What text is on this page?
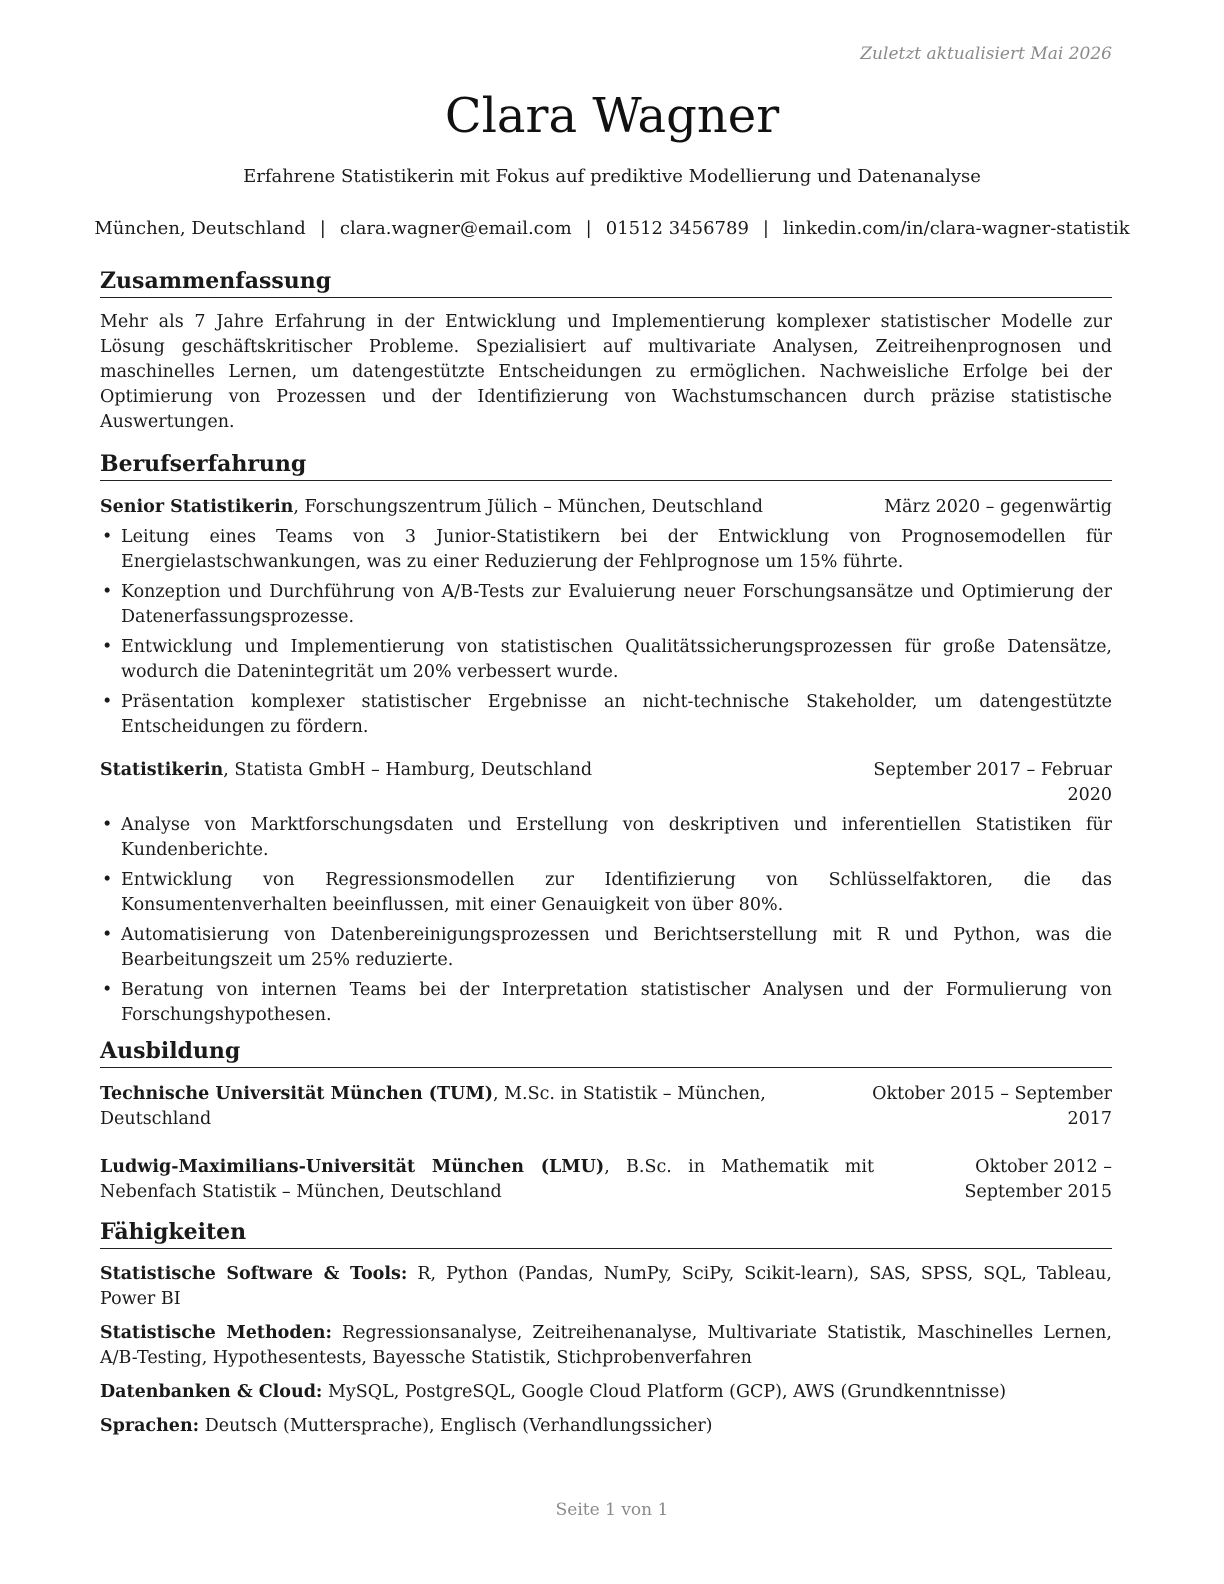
Zuletzt aktualisiert Mai 2026
Clara Wagner
Erfahrene Statistikerin mit Fokus auf prediktive Modellierung und Datenanalyse
München, Deutschland | clara.wagner@email.com | 01512 3456789 | linkedin.com/in/clara-wagner-statistik
Zusammenfassung

Mehr als 7 Jahre Erfahrung in der Entwicklung und Implementierung komplexer statistischer Modelle zur Lösung geschäftskritischer Probleme. Spezialisiert auf multivariate Analysen, Zeitreihenprognosen und maschinelles Lernen, um datengestützte Entscheidungen zu ermöglichen. Nachweisliche Erfolge bei der Optimierung von Prozessen und der Identifizierung von Wachstumschancen durch präzise statistische Auswertungen.

Berufserfahrung
Senior Statistikerin, Forschungszentrum Jülich – München, Deutschland	März 2020 – gegenwärtig
• Leitung eines Teams von 3 Junior-Statistikern bei der Entwicklung von Prognosemodellen für Energielastschwankungen, was zu einer Reduzierung der Fehlprognose um 15% führte.
• Konzeption und Durchführung von A/B-Tests zur Evaluierung neuer Forschungsansätze und Optimierung der Datenerfassungsprozesse.
• Entwicklung und Implementierung von statistischen Qualitätssicherungsprozessen für große Datensätze, wodurch die Datenintegrität um 20% verbessert wurde.
• Präsentation komplexer statistischer Ergebnisse an nicht-technische Stakeholder, um datengestützte Entscheidungen zu fördern.
Statistikerin, Statista GmbH – Hamburg, Deutschland	September 2017 – Februar 2020
• Analyse von Marktforschungsdaten und Erstellung von deskriptiven und inferentiellen Statistiken für Kundenberichte.
• Entwicklung von Regressionsmodellen zur Identifizierung von Schlüsselfaktoren, die das Konsumentenverhalten beeinflussen, mit einer Genauigkeit von über 80%.
• Automatisierung von Datenbereinigungsprozessen und Berichtserstellung mit R und Python, was die Bearbeitungszeit um 25% reduzierte.
• Beratung von internen Teams bei der Interpretation statistischer Analysen und der Formulierung von Forschungshypothesen.
Ausbildung
Technische Universität München (TUM), M.Sc. in Statistik – München, Deutschland
Oktober 2015 – September 2017
Ludwig-Maximilians-Universität München (LMU), B.Sc. in Mathematik mit Nebenfach Statistik – München, Deutschland
Oktober 2012 – September 2015
Fähigkeiten
Statistische Software & Tools: R, Python (Pandas, NumPy, SciPy, Scikit-learn), SAS, SPSS, SQL, Tableau, Power BI
Statistische Methoden: Regressionsanalyse, Zeitreihenanalyse, Multivariate Statistik, Maschinelles Lernen, A/B-Testing, Hypothesentests, Bayessche Statistik, Stichprobenverfahren
Datenbanken & Cloud: MySQL, PostgreSQL, Google Cloud Platform (GCP), AWS (Grundkenntnisse)
Sprachen: Deutsch (Muttersprache), Englisch (Verhandlungssicher)
Seite 1 von 1
